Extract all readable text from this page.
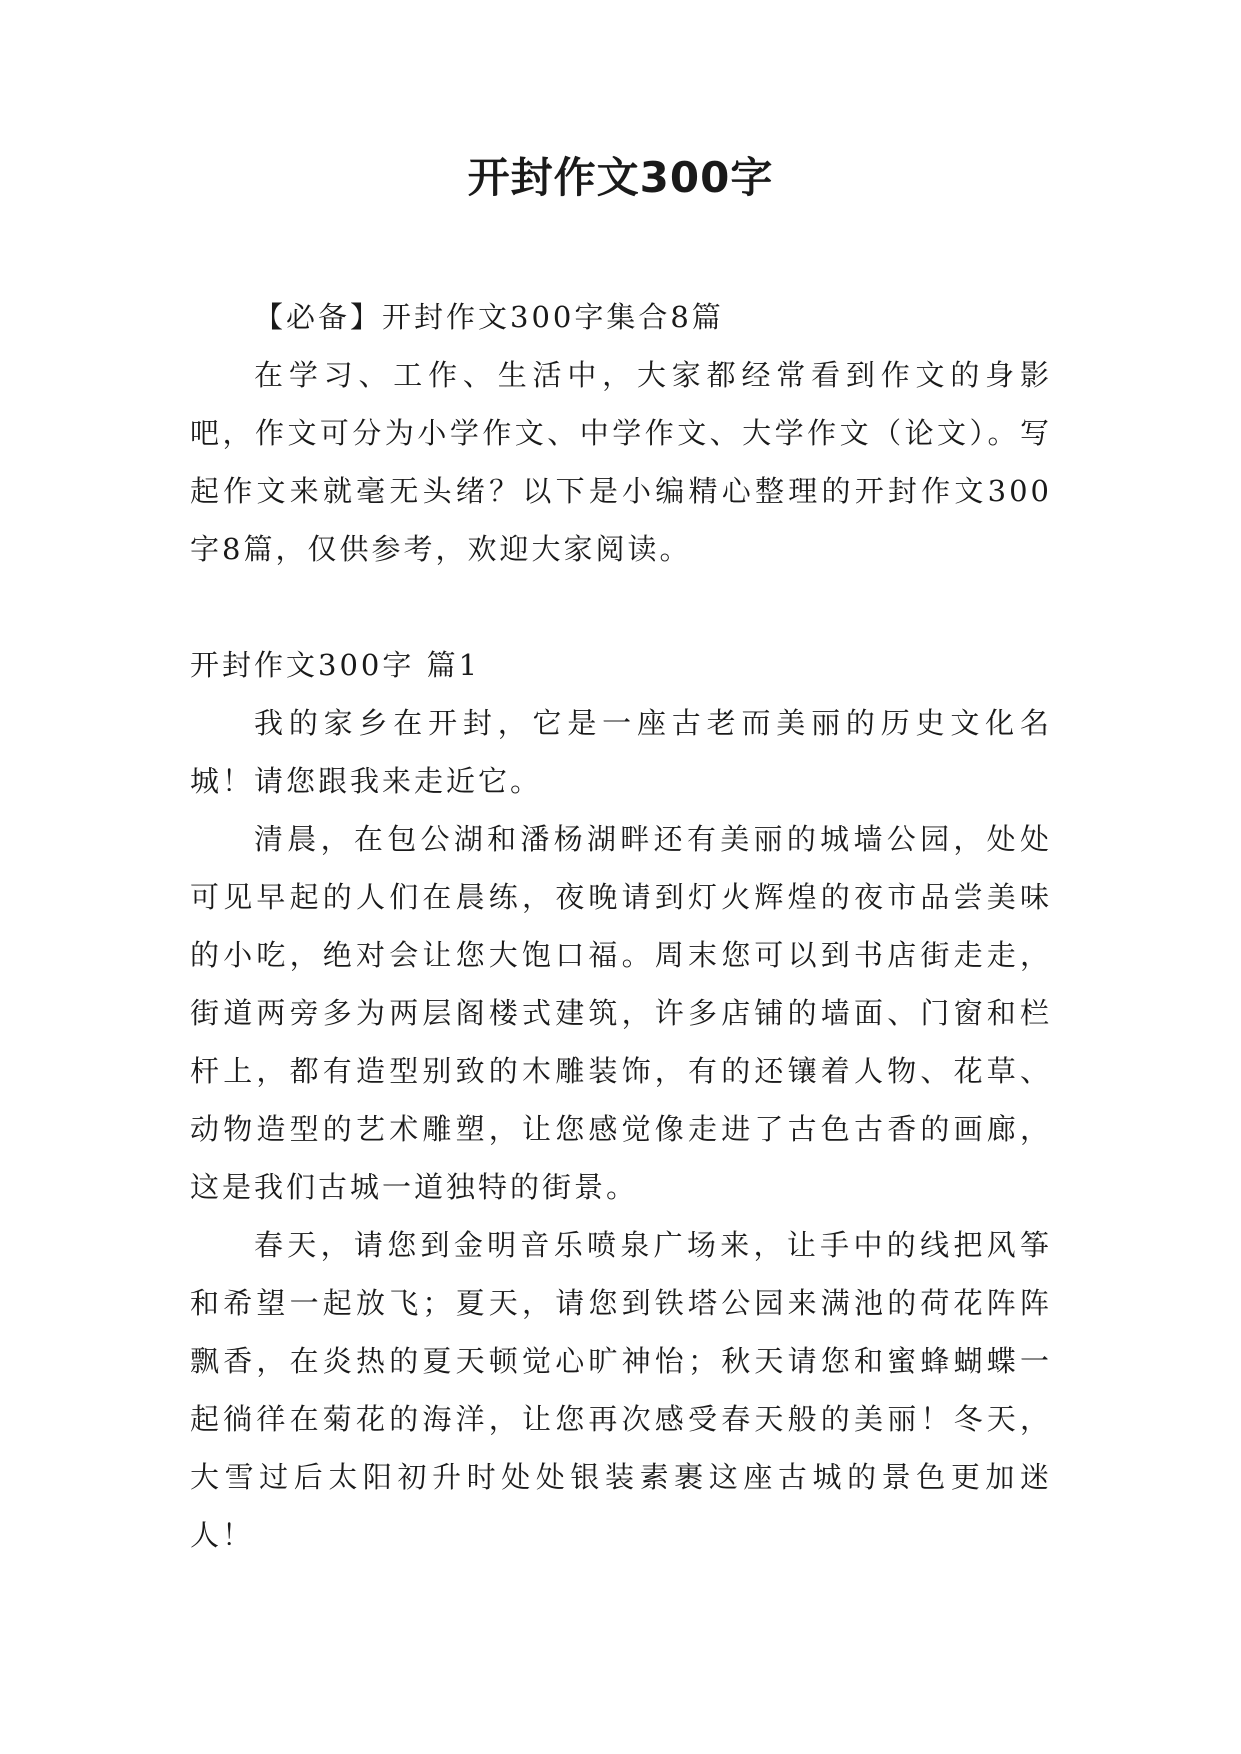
开封作文300字

【必备】开封作文300字集合8篇

在学习、工作、生活中，大家都经常看到作文的身影吧，作文可分为小学作文、中学作文、大学作文（论文）。写起作文来就毫无头绪？以下是小编精心整理的开封作文300字8篇，仅供参考，欢迎大家阅读。

开封作文300字 篇1

我的家乡在开封，它是一座古老而美丽的历史文化名城！请您跟我来走近它。

清晨，在包公湖和潘杨湖畔还有美丽的城墙公园，处处可见早起的人们在晨练，夜晚请到灯火辉煌的夜市品尝美味的小吃，绝对会让您大饱口福。周末您可以到书店街走走，街道两旁多为两层阁楼式建筑，许多店铺的墙面、门窗和栏杆上，都有造型别致的木雕装饰，有的还镶着人物、花草、动物造型的艺术雕塑，让您感觉像走进了古色古香的画廊，这是我们古城一道独特的街景。

春天，请您到金明音乐喷泉广场来，让手中的线把风筝和希望一起放飞；夏天，请您到铁塔公园来满池的荷花阵阵飘香，在炎热的夏天顿觉心旷神怡；秋天请您和蜜蜂蝴蝶一起徜徉在菊花的海洋，让您再次感受春天般的美丽！冬天，大雪过后太阳初升时处处银装素裹这座古城的景色更加迷人！
